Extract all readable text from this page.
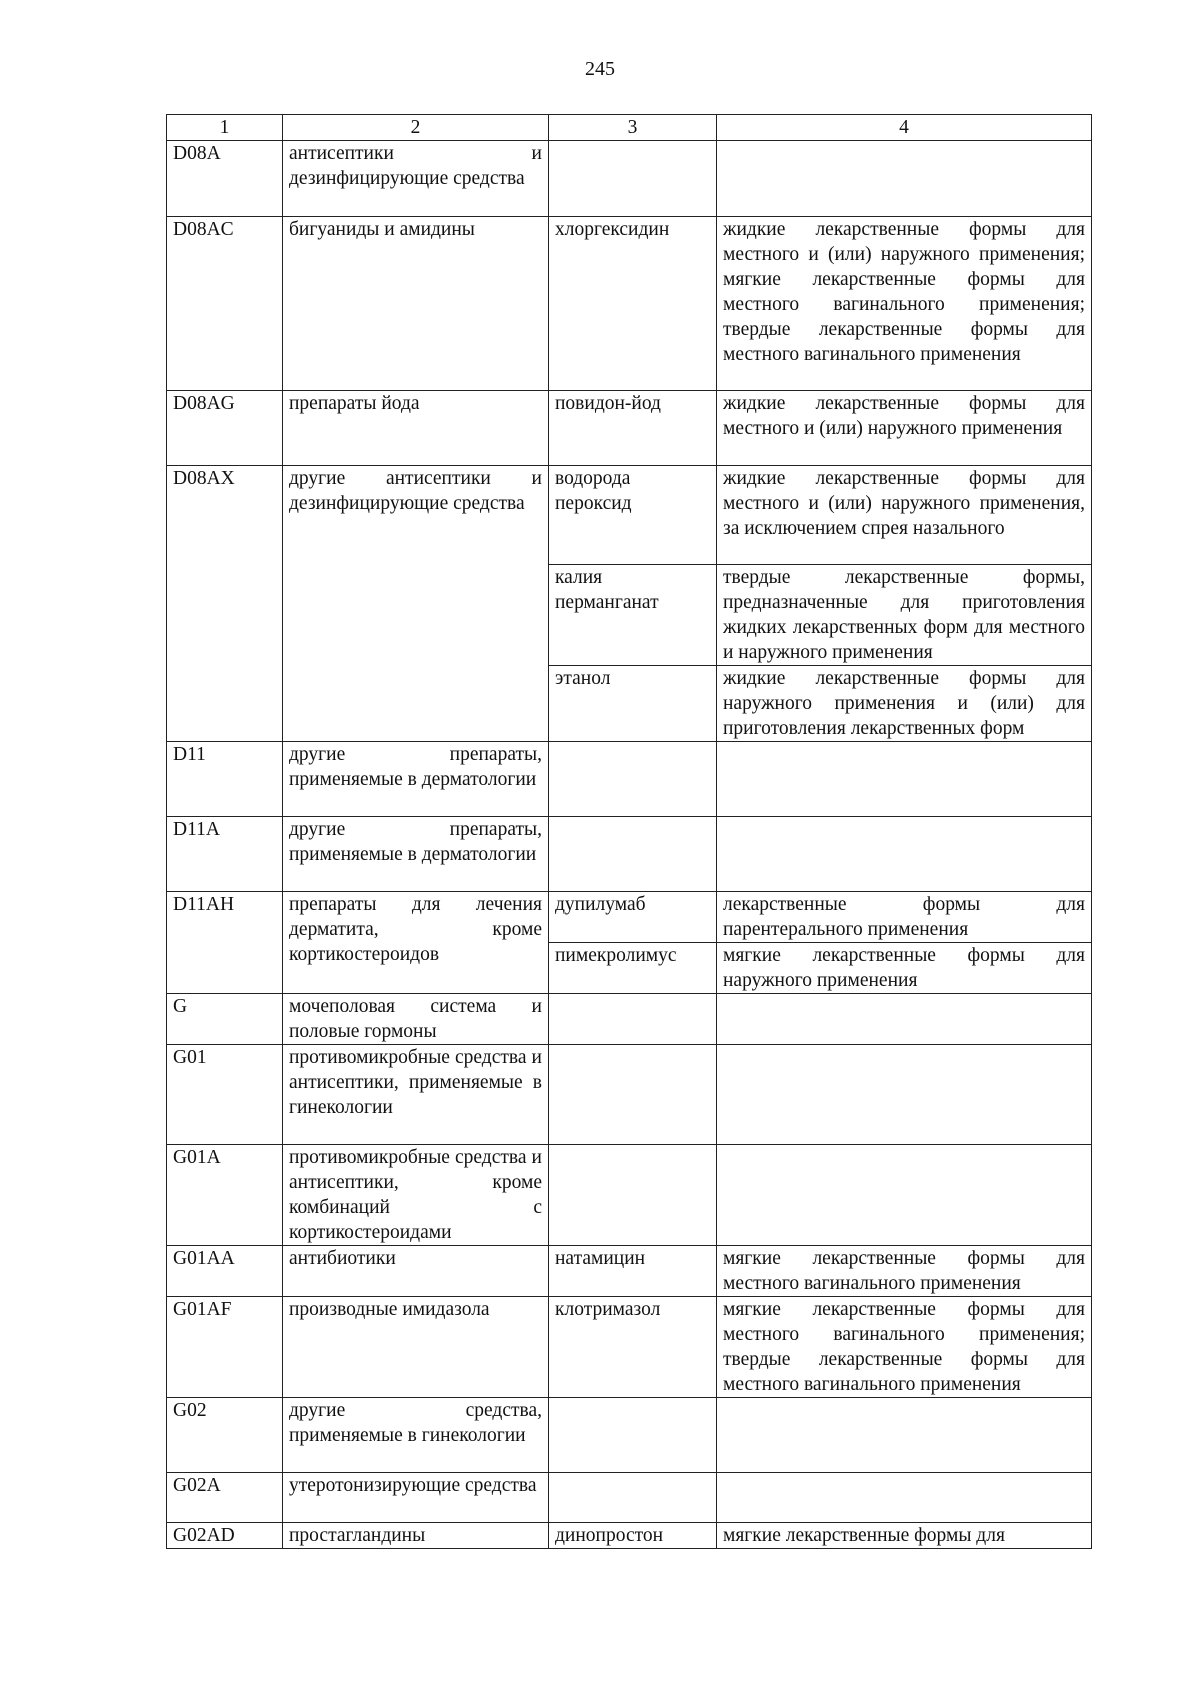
245
1	2	3	4
D08A	антисептики и дезинфицирующие средства		
D08AC	бигуаниды и амидины	хлоргексидин	жидкие лекарственные формы для местного и (или) наружного применения; мягкие лекарственные формы для местного вагинального применения; твердые лекарственные формы для местного вагинального применения
D08AG	препараты йода	повидон-йод	жидкие лекарственные формы для местного и (или) наружного применения
D08AX	другие антисептики и дезинфицирующие средства	водорода пероксид	жидкие лекарственные формы для местного и (или) наружного применения, за исключением спрея назального
		калия перманганат	твердые лекарственные формы, предназначенные для приготовления жидких лекарственных форм для местного и наружного применения
		этанол	жидкие лекарственные формы для наружного применения и (или) для приготовления лекарственных форм
D11	другие препараты, применяемые в дерматологии		
D11A	другие препараты, применяемые в дерматологии		
D11AH	препараты для лечения дерматита, кроме кортикостероидов	дупилумаб	лекарственные формы для парентерального применения
		пимекролимус	мягкие лекарственные формы для наружного применения
G	мочеполовая система и половые гормоны		
G01	противомикробные средства и антисептики, применяемые в гинекологии		
G01A	противомикробные средства и антисептики, кроме комбинаций с кортикостероидами		
G01AA	антибиотики	натамицин	мягкие лекарственные формы для местного вагинального применения
G01AF	производные имидазола	клотримазол	мягкие лекарственные формы для местного вагинального применения; твердые лекарственные формы для местного вагинального применения
G02	другие средства, применяемые в гинекологии		
G02A	утеротонизирующие средства		
G02AD	простагландины	динопростон	мягкие лекарственные формы для
